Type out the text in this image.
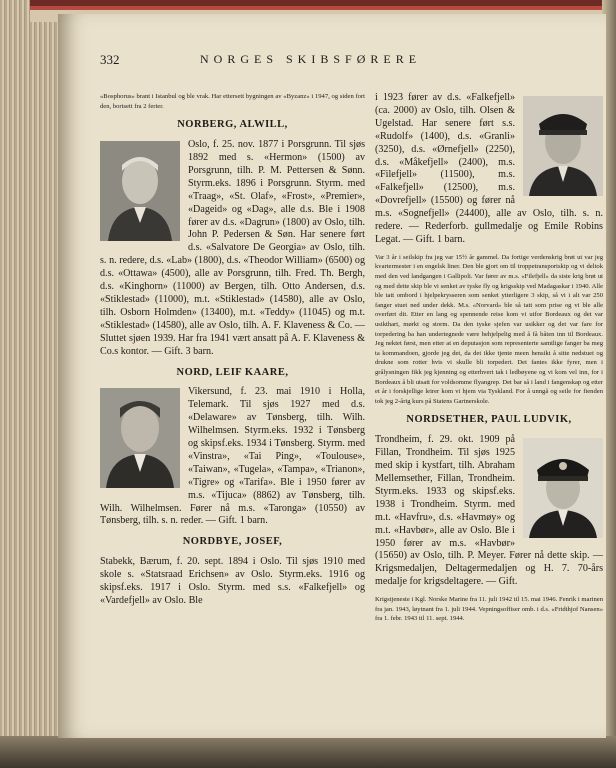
332	NORGES SKIBSFØRERE

«Bosphorus» brant i Istanbul og ble vrak. Har ettersett bygningen av «Byzanz» i 1947, og siden fort den, bortsett fra 2 ferier.

NORBERG, ALWILL,

Oslo, f. 25. nov. 1877 i Porsgrunn. Til sjøs 1892 med s. «Hermon» (1500) av Porsgrunn, tilh. P. M. Pettersen & Sønn. Styrm.eks. 1896 i Porsgrunn. Styrm. med «Traag», «St. Olaf», «Frost», «Premier», «Dageid» og «Dag», alle d.s. Ble i 1908 fører av d.s. «Dagrun» (1800) av Oslo, tilh. John P. Pedersen & Søn. Har senere ført d.s. «Salvatore De Georgia» av Oslo, tilh. s. n. redere, d.s. «Lab» (1800), d.s. «Theodor William» (6500) og d.s. «Ottawa» (4500), alle av Porsgrunn, tilh. Fred. Th. Bergh, d.s. «Kinghorn» (11000) av Bergen, tilh. Otto Andersen, d.s. «Stiklestad» (11000), m.t. «Stiklestad» (14580), alle av Oslo, tilh. Osborn Holmden» (13400), m.t. «Teddy» (11045) og m.t. «Stiklestad» (14580), alle av Oslo, tilh. A. F. Klaveness & Co. — Sluttet sjøen 1939. Har fra 1941 vært ansatt på A. F. Klaveness & Co.s kontor. — Gift. 3 barn.

NORD, LEIF KAARE,

Vikersund, f. 23. mai 1910 i Holla, Telemark. Til sjøs 1927 med d.s. «Delaware» av Tønsberg, tilh. Wilh. Wilhelmsen. Styrm.eks. 1932 i Tønsberg og skipsf.eks. 1934 i Tønsberg. Styrm. med «Vinstra», «Tai Ping», «Toulouse», «Taiwan», «Tugela», «Tampa», «Trianon», «Tigre» og «Tarifa». Ble i 1950 fører av m.s. «Tijuca» (8862) av Tønsberg, tilh. Wilh. Wilhelmsen. Fører nå m.s. «Taronga» (10550) av Tønsberg, tilh. s. n. reder. — Gift. 1 barn.

NORDBYE, JOSEF,

Stabekk, Bærum, f. 20. sept. 1894 i Oslo. Til sjøs 1910 med skole s. «Statsraad Erichsen» av Oslo. Styrm.eks. 1916 og skipsf.eks. 1917 i Oslo. Styrm. med s.s. «Falkefjell» og «Vardefjell» av Oslo. Ble

i 1923 fører av d.s. «Falkefjell» (ca. 2000) av Oslo, tilh. Olsen & Ugelstad. Har senere ført s.s. «Rudolf» (1400), d.s. «Granli» (3250), d.s. «Ørnefjell» (2250), d.s. «Måkefjell» (2400), m.s. «Filefjell» (11500), m.s. «Falkefjell» (12500), m.s. «Dovrefjell» (15500) og fører nå m.s. «Sognefjell» (24400), alle av Oslo, tilh. s. n. redere. — Rederforb. gullmedalje og Emile Robins Legat. — Gift. 1 barn.

Var 3 år i seilskip fra jeg var 15½ år gammel. Da fortige verdenskrig brøt ut var jeg kvartermester i en engelsk liner. Den ble gjort om til troppetransportskip og vi deltok med den ved landgangen i Gallipoli. Var fører av m.s. «Filefjell» da siste krig brøt ut og med dette skip ble vi senket av tyske fly og krigsskip ved Madagaskar i 1940. Alle ble tatt ombord i hjelpekrysseren som senket ytterligere 3 skip, så vi i alt var 250 fanger stuet ned under dekk. M.s. «Norvard» ble så tatt som prise og vi ble alle overført dit. Etter en lang og spennende reise kom vi utfor Bordeaux og det var usikthart, mørkt og storm. Da den tyske sjefen var usikker og det var fare for torpedering ba han undertegnede være behjelpelig med å få båten inn til Bordeaux. Jeg nektet først, men etter at en deputasjon som representerte samtlige fanger ba meg ta kommandoen, gjorde jeg det, da det ikke tjente meen hensikt å sitte nedstuet og drukne som rotter hvis vi skulle bli torpedert. Det fantes ikke fyrer, men i grålysningen fikk jeg kjenning og etterhvert tak i ledbøyene og vi kom vel inn, for i Bordeaux å bli utsatt for voldsomme flyangrep. Det bar så i land i fangenskap og etter et år i forskjellige leirer kom vi hjem via Tyskland. For å unngå og seile for fienden tok jeg 2-årig kurs på Statens Gartnerskole.

NORDSETHER, PAUL LUDVIK,

Trondheim, f. 29. okt. 1909 på Fillan, Trondheim. Til sjøs 1925 med skip i kystfart, tilh. Abraham Mellemsether, Fillan, Trondheim. Styrm.eks. 1933 og skipsf.eks. 1938 i Trondheim. Styrm. med m.t. «Havfru», d.s. «Havmøy» og m.t. «Havbør», alle av Oslo. Ble i 1950 fører av m.s. «Havbør» (15650) av Oslo, tilh. P. Meyer. Fører nå dette skip. — Krigsmedaljen, Deltagermedaljen og H. 7. 70-års medalje for krigsdeltagere. — Gift.

Krigstjeneste i Kgl. Norske Marine fra 11. juli 1942 til 15. mai 1946. Fenrik i marinen fra jan. 1943, løytnant fra 1. juli 1944. Vepningsoffiser omb. i d.s. «Fridthjof Nansen» fra 1. febr. 1943 til 11. sept. 1944.
